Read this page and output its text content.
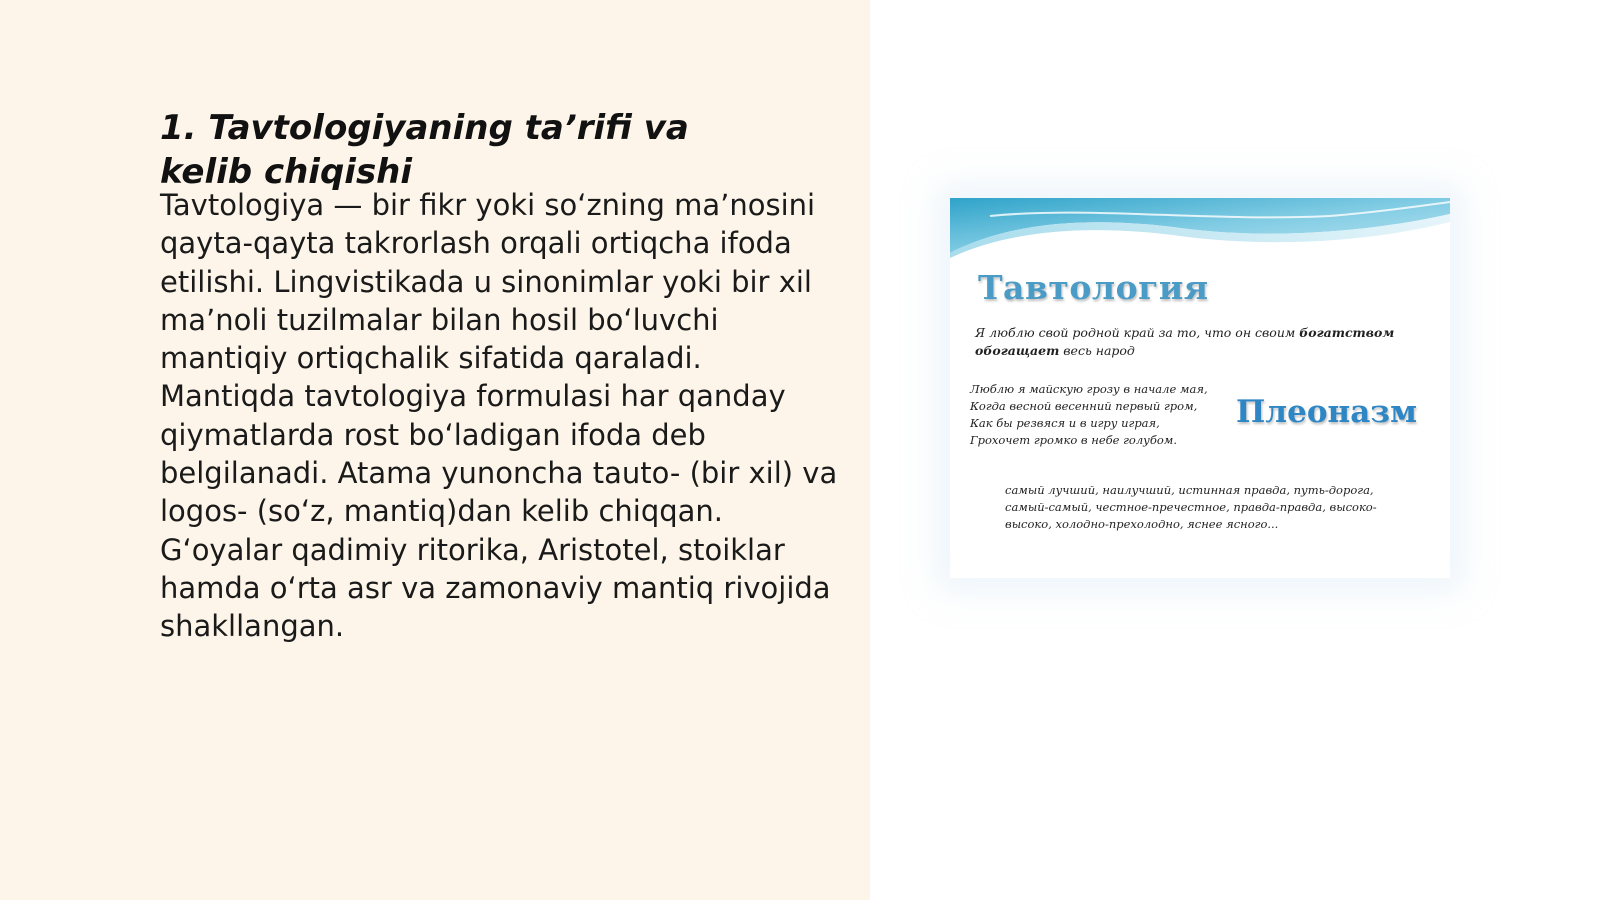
1. Tavtologiyaning ta’rifi va kelib chiqishi

Tavtologiya — bir fikr yoki so‘zning ma’nosini qayta-qayta takrorlash orqali ortiqcha ifoda etilishi. Lingvistikada u sinonimlar yoki bir xil ma’noli tuzilmalar bilan hosil bo‘luvchi mantiqiy ortiqchalik sifatida qaraladi. Mantiqda tavtologiya formulasi har qanday qiymatlarda rost bo‘ladigan ifoda deb belgilanadi. Atama yunoncha tauto- (bir xil) va logos- (so‘z, mantiq)dan kelib chiqqan. G‘oyalar qadimiy ritorika, Aristotel, stoiklar hamda o‘rta asr va zamonaviy mantiq rivojida shakllangan.

Тавтология
Я люблю свой родной край за то, что он своим богатством
обогащает весь народ
Люблю я майскую грозу в начале мая,
Когда весной весенний первый гром,
Как бы резвяся и в игру играя,
Грохочет громко в небе голубом.
Плеоназм
самый лучший, наилучший, истинная правда, путь-дорога, самый-самый, честное-пречестное, правда-правда, высоко-высоко, холодно-прехолодно, яснее ясного...
